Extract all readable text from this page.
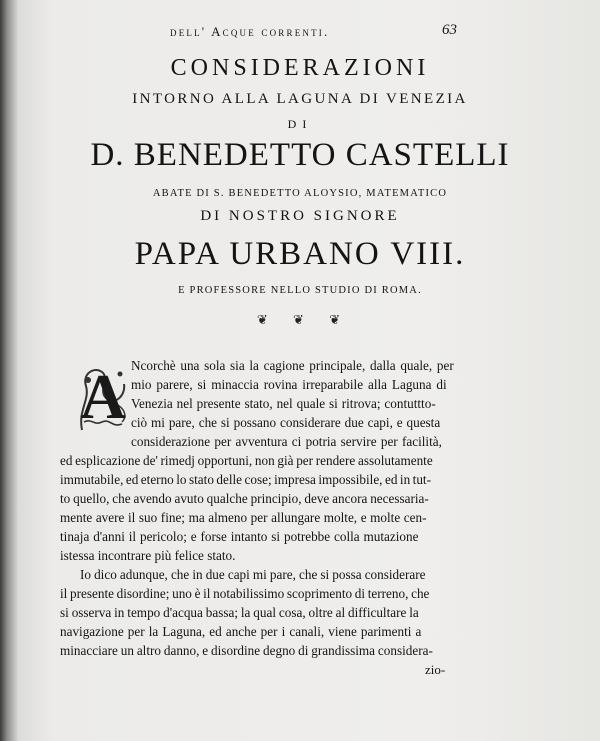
dell' Acque correnti.	63
CONSIDERAZIONI
INTORNO ALLA LAGUNA DI VENEZIA
DI
D. BENEDETTO CASTELLI
ABATE DI S. BENEDETTO ALOYSIO, MATEMATICO
DI NOSTRO SIGNORE
PAPA URBANO VIII.
E PROFESSORE NELLO STUDIO DI ROMA.
❦ ❦ ❦
A Ncorchè una sola sia la cagione principale, dalla quale, per
mio parere, si minaccia rovina irreparabile alla Laguna di
Venezia nel presente stato, nel quale si ritrova; contuttto-
ciò mi pare, che si possano considerare due capi, e questa
considerazione per avventura ci potria servire per facilità,
ed esplicazione de' rimedj opportuni, non già per rendere assolutamente
immutabile, ed eterno lo stato delle cose; impresa impossibile, ed in tut-
to quello, che avendo avuto qualche principio, deve ancora necessaria-
mente avere il suo fine; ma almeno per allungare molte, e molte cen-
tinaja d'anni il pericolo; e forse intanto si potrebbe colla mutazione
istessa incontrare più felice stato.
Io dico adunque, che in due capi mi pare, che si possa considerare
il presente disordine; uno è il notabilissimo scoprimento di terreno, che
si osserva in tempo d'acqua bassa; la qual cosa, oltre al difficultare la
navigazione per la Laguna, ed anche per i canali, viene parimenti a
minacciare un altro danno, e disordine degno di grandissima considera-
zio-
